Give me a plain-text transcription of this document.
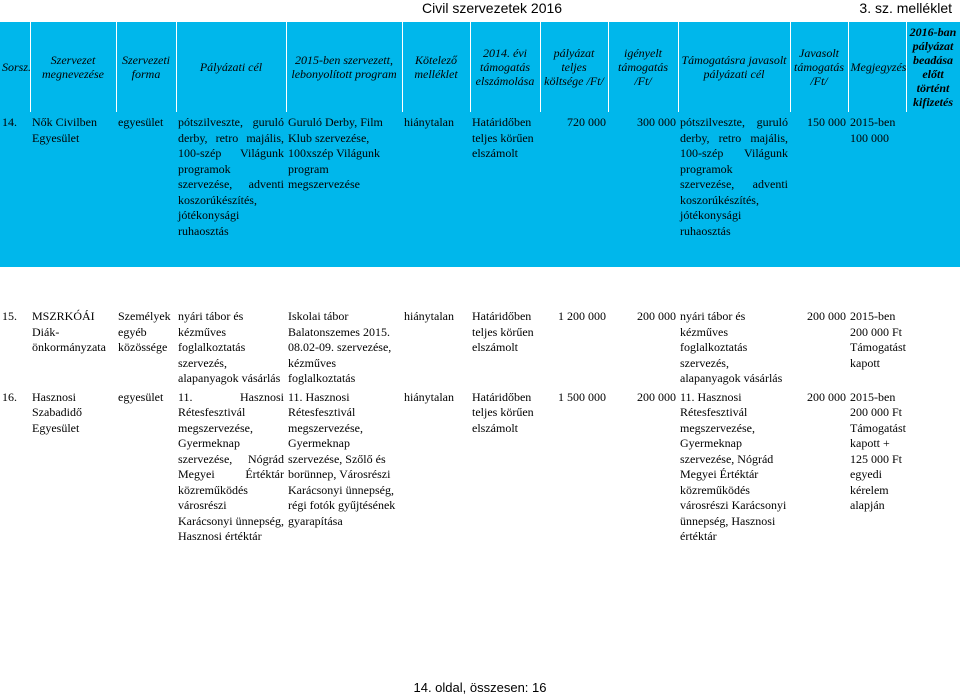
Civil szervezetek 2016	3. sz. melléklet
Sorsz.	Szervezet megnevezése	Szervezeti forma	Pályázati cél	2015-ben szervezett, lebonyolított program	Kötelező melléklet	2014. évi támogatás elszámolása	pályázat teljes költsége /Ft/	igényelt támogatás /Ft/	Támogatásra javasolt pályázati cél	Javasolt támogatás /Ft/	Megjegyzés	2016-ban pályázat beadása előtt történt kifizetés
14.	Nők Civilben Egyesület	egyesület	pótszilveszte, guruló derby, retro majális, 100-szép Világunk programok szervezése, adventi koszorúkészítés, jótékonysági ruhaosztás	Guruló Derby, Film Klub szervezése, 100xszép Világunk program megszervezése	hiánytalan	Határidőben teljes körűen elszámolt	720 000	300 000	pótszilveszte, guruló derby, retro majális, 100-szép Világunk programok szervezése, adventi koszorúkészítés, jótékonysági ruhaosztás	150 000	2015-ben 100 000	

15.	MSZRKÓÁI Diák-önkormányzata	Személyek egyéb közössége	nyári tábor és kézműves foglalkoztatás szervezés, alapanyagok vásárlás	Iskolai tábor Balatonszemes 2015. 08.02-09. szervezése, kézműves foglalkoztatás	hiánytalan	Határidőben teljes körűen elszámolt	1 200 000	200 000	nyári tábor és kézműves foglalkoztatás szervezés, alapanyagok vásárlás	200 000	2015-ben 200 000 Ft Támogatást kapott	
16.	Hasznosi Szabadidő Egyesület	egyesület	11. Hasznosi Rétesfesztivál megszervezése, Gyermeknap szervezése, Nógrád Megyei Értéktár közreműködés városrészi Karácsonyi ünnepség, Hasznosi értéktár	11. Hasznosi Rétesfesztivál megszervezése, Gyermeknap szervezése, Szőlő és borünnep, Városrészi Karácsonyi ünnepség, régi fotók gyűjtésének gyarapítása	hiánytalan	Határidőben teljes körűen elszámolt	1 500 000	200 000	11. Hasznosi Rétesfesztivál megszervezése, Gyermeknap szervezése, Nógrád Megyei Értéktár közreműködés városrészi Karácsonyi ünnepség, Hasznosi értéktár	200 000	2015-ben 200 000 Ft Támogatást kapott + 125 000 Ft egyedi kérelem alapján	
14. oldal, összesen: 16
